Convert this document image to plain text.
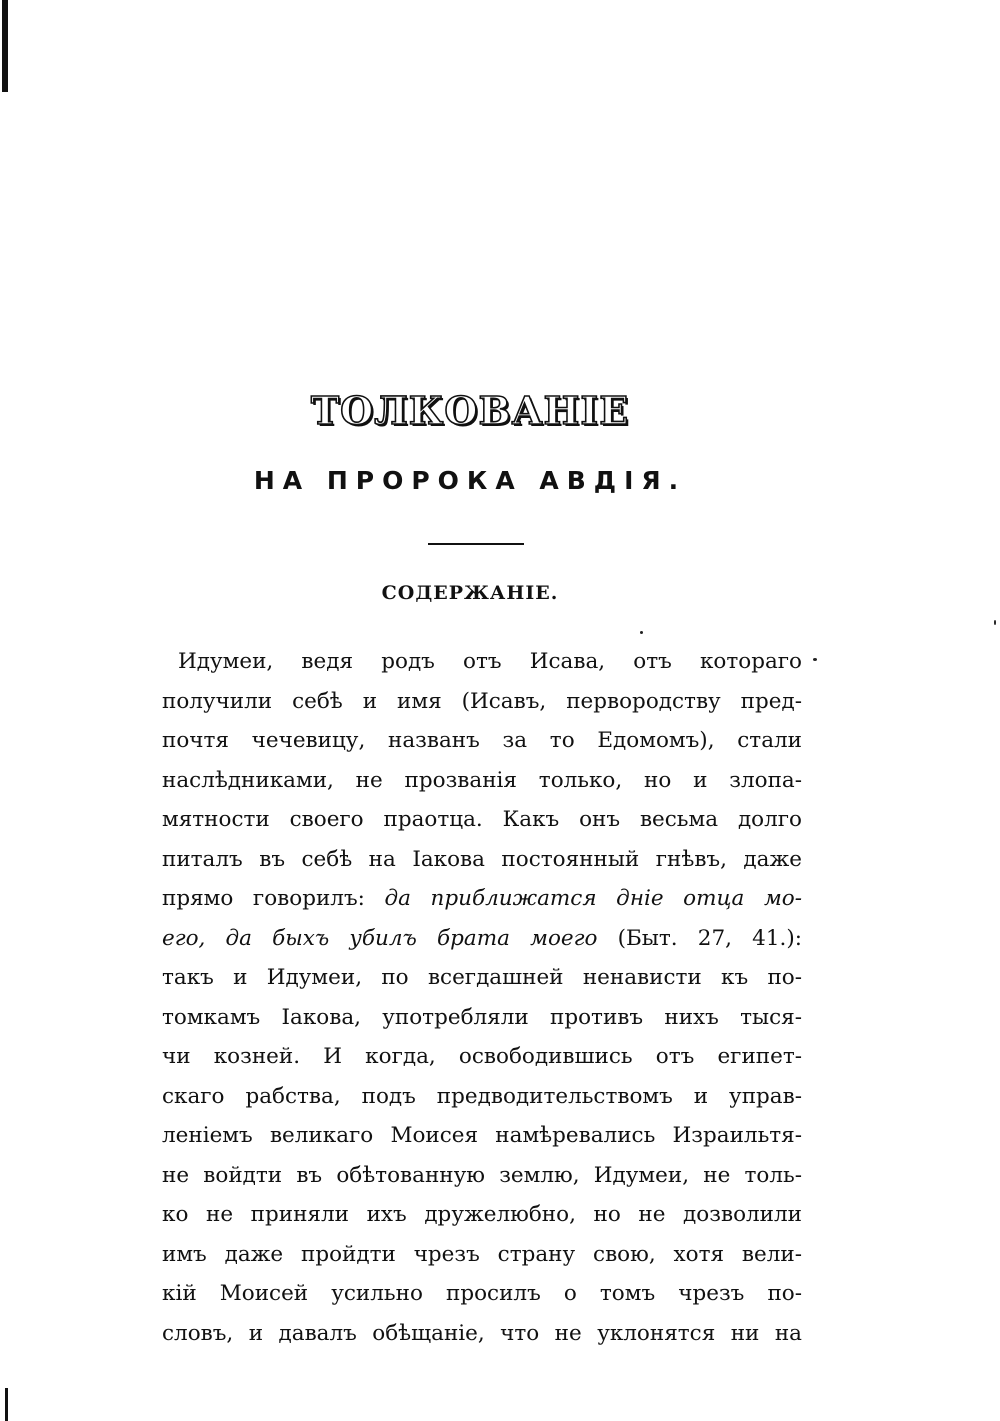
ТОЛКОВАНІЕ
НА ПРОРОКА АВДІЯ.
СОДЕРЖАНІЕ.
Идумеи, ведя родъ отъ Исава, отъ котораго
получили себѣ и имя (Исавъ, первородству пред-
почтя чечевицу, названъ за то Едомомъ), стали
наслѣдниками, не прозванія только, но и злопа-
мятности своего праотца. Какъ онъ весьма долго
питалъ въ себѣ на Іакова постоянный гнѣвъ, даже
прямо говорилъ: да приближатся дніе отца мо-
его, да быхъ убилъ брата моего (Быт. 27, 41.):
такъ и Идумеи, по всегдашней ненависти къ по-
томкамъ Іакова, употребляли противъ нихъ тыся-
чи козней. И когда, освободившись отъ египет-
скаго рабства, подъ предводительствомъ и управ-
леніемъ великаго Моисея намѣревались Израильтя-
не войдти въ обѣтованную землю, Идумеи, не толь-
ко не приняли ихъ дружелюбно, но не дозволили
имъ даже пройдти чрезъ страну свою, хотя вели-
кій Моисей усильно просилъ о томъ чрезъ по-
словъ, и давалъ обѣщаніе, что не уклонятся ни на
